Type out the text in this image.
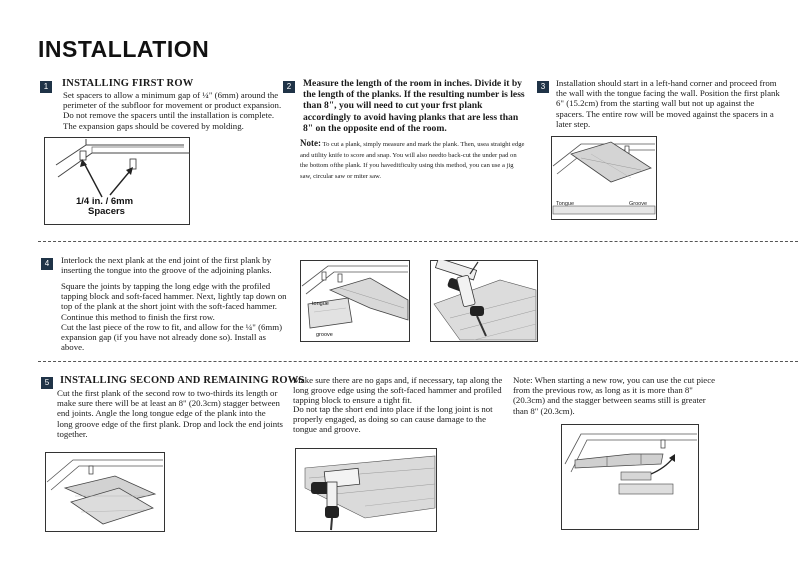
INSTALLATION
1	INSTALLING FIRST ROW
Set spacers to allow a minimum gap of ¼" (6mm) around the perimeter of the subfloor for movement or product expansion. Do not remove the spacers until the installation is complete. The expansion gaps should be covered by molding.
1/4 in. / 6mm
Spacers
2	Measure the length of the room in inches. Divide it by the length of the planks. If the resulting number is less than 8", you will need to cut your frst plank accordingly to avoid having planks that are less than 8" on the opposite end of the room.
Note: To cut a plank, simply measure and mark the plank. Then, usea straight edge and utility knife to score and snap. You will also needto back-cut the under pad on the bottom ofthe plank. If you haveditficulty using this method, you can use a jig saw, circular saw or miter saw.
3	Installation should start in a left-hand corner and proceed from the wall with the tongue facing the wall. Position the first plank 6" (15.2cm) from the starting wall but not up against the spacers. The entire row will be moved against the spacers in a later step.
Tongue	Groove
4	Interlock the next plank at the end joint of the first plank by inserting the tongue into the groove of the adjoining planks.
Square the joints by tapping the long edge with the profiled tapping block and soft-faced hammer. Next, lightly tap down on top of the plank at the short joint with the soft-faced hammer. Continue this method to finish the first row.
Cut the last piece of the row to fit, and allow for the ¼" (6mm) expansion gap (if you have not already done so). Install as above.
tongue
groove
5	INSTALLING SECOND AND REMAINING ROWS
Cut the first plank of the second row to two-thirds its length or make sure there will be at least an 8" (20.3cm) stagger between end joints. Angle the long tongue edge of the plank into the long groove edge of the first plank. Drop and lock the end joints together.
Make sure there are no gaps and, if necessary, tap along the long groove edge using the soft-faced hammer and profiled tapping block to ensure a tight fit.
Do not tap the short end into place if the long joint is not properly engaged, as doing so can cause damage to the tongue and groove.
Note: When starting a new row, you can use the cut piece from the previous row, as long as it is more than 8" (20.3cm) and the stagger between seams still is greater than 8" (20.3cm).
